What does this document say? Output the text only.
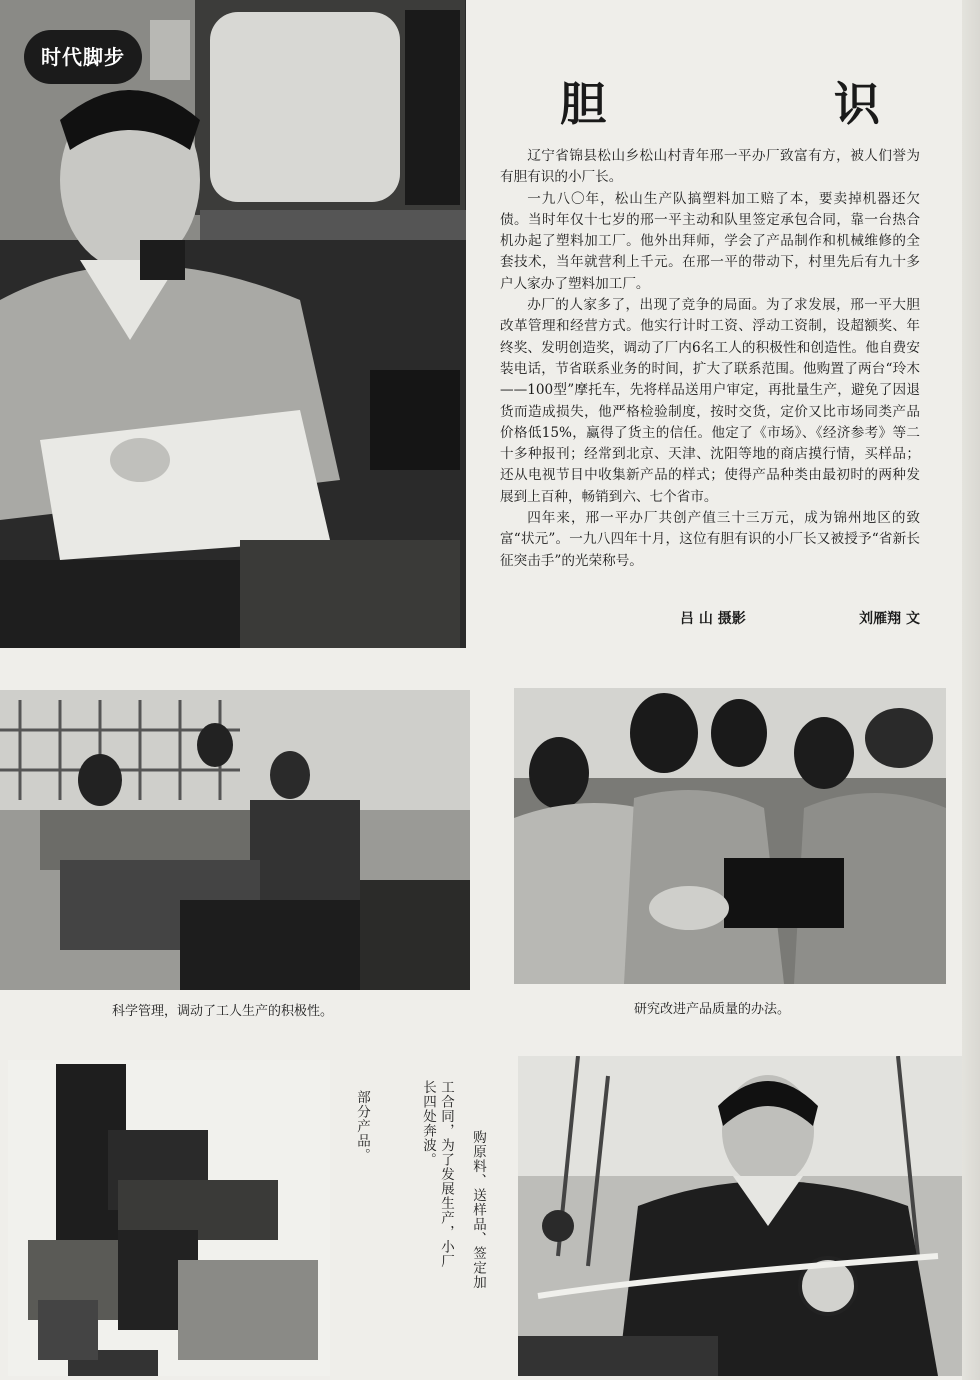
时代脚步
胆	识

辽宁省锦县松山乡松山村青年邢一平办厂致富有方，被人们誉为有胆有识的小厂长。

一九八〇年，松山生产队搞塑料加工赔了本，要卖掉机器还欠债。当时年仅十七岁的邢一平主动和队里签定承包合同，靠一台热合机办起了塑料加工厂。他外出拜师，学会了产品制作和机械维修的全套技术，当年就营利上千元。在邢一平的带动下，村里先后有九十多户人家办了塑料加工厂。

办厂的人家多了，出现了竞争的局面。为了求发展，邢一平大胆改革管理和经营方式。他实行计时工资、浮动工资制，设超额奖、年终奖、发明创造奖，调动了厂内6名工人的积极性和创造性。他自费安装电话，节省联系业务的时间，扩大了联系范围。他购置了两台“玲木——100型”摩托车，先将样品送用户审定，再批量生产，避免了因退货而造成损失，他严格检验制度，按时交货，定价又比市场同类产品价格低15%，赢得了货主的信任。他定了《市场》、《经济参考》等二十多种报刊；经常到北京、天津、沈阳等地的商店摸行情，买样品；还从电视节目中收集新产品的样式；使得产品种类由最初时的两种发展到上百种，畅销到六、七个省市。

四年来，邢一平办厂共创产值三十三万元，成为锦州地区的致富“状元”。一九八四年十月，这位有胆有识的小厂长又被授予“省新长征突击手”的光荣称号。

吕 山 摄影	刘雁翔 文
科学管理，调动了工人生产的积极性。	研究改进产品质量的办法。
部分产品。	工合同，为了发展生产，小厂
长四处奔波。
购原料、送样品、签定加
